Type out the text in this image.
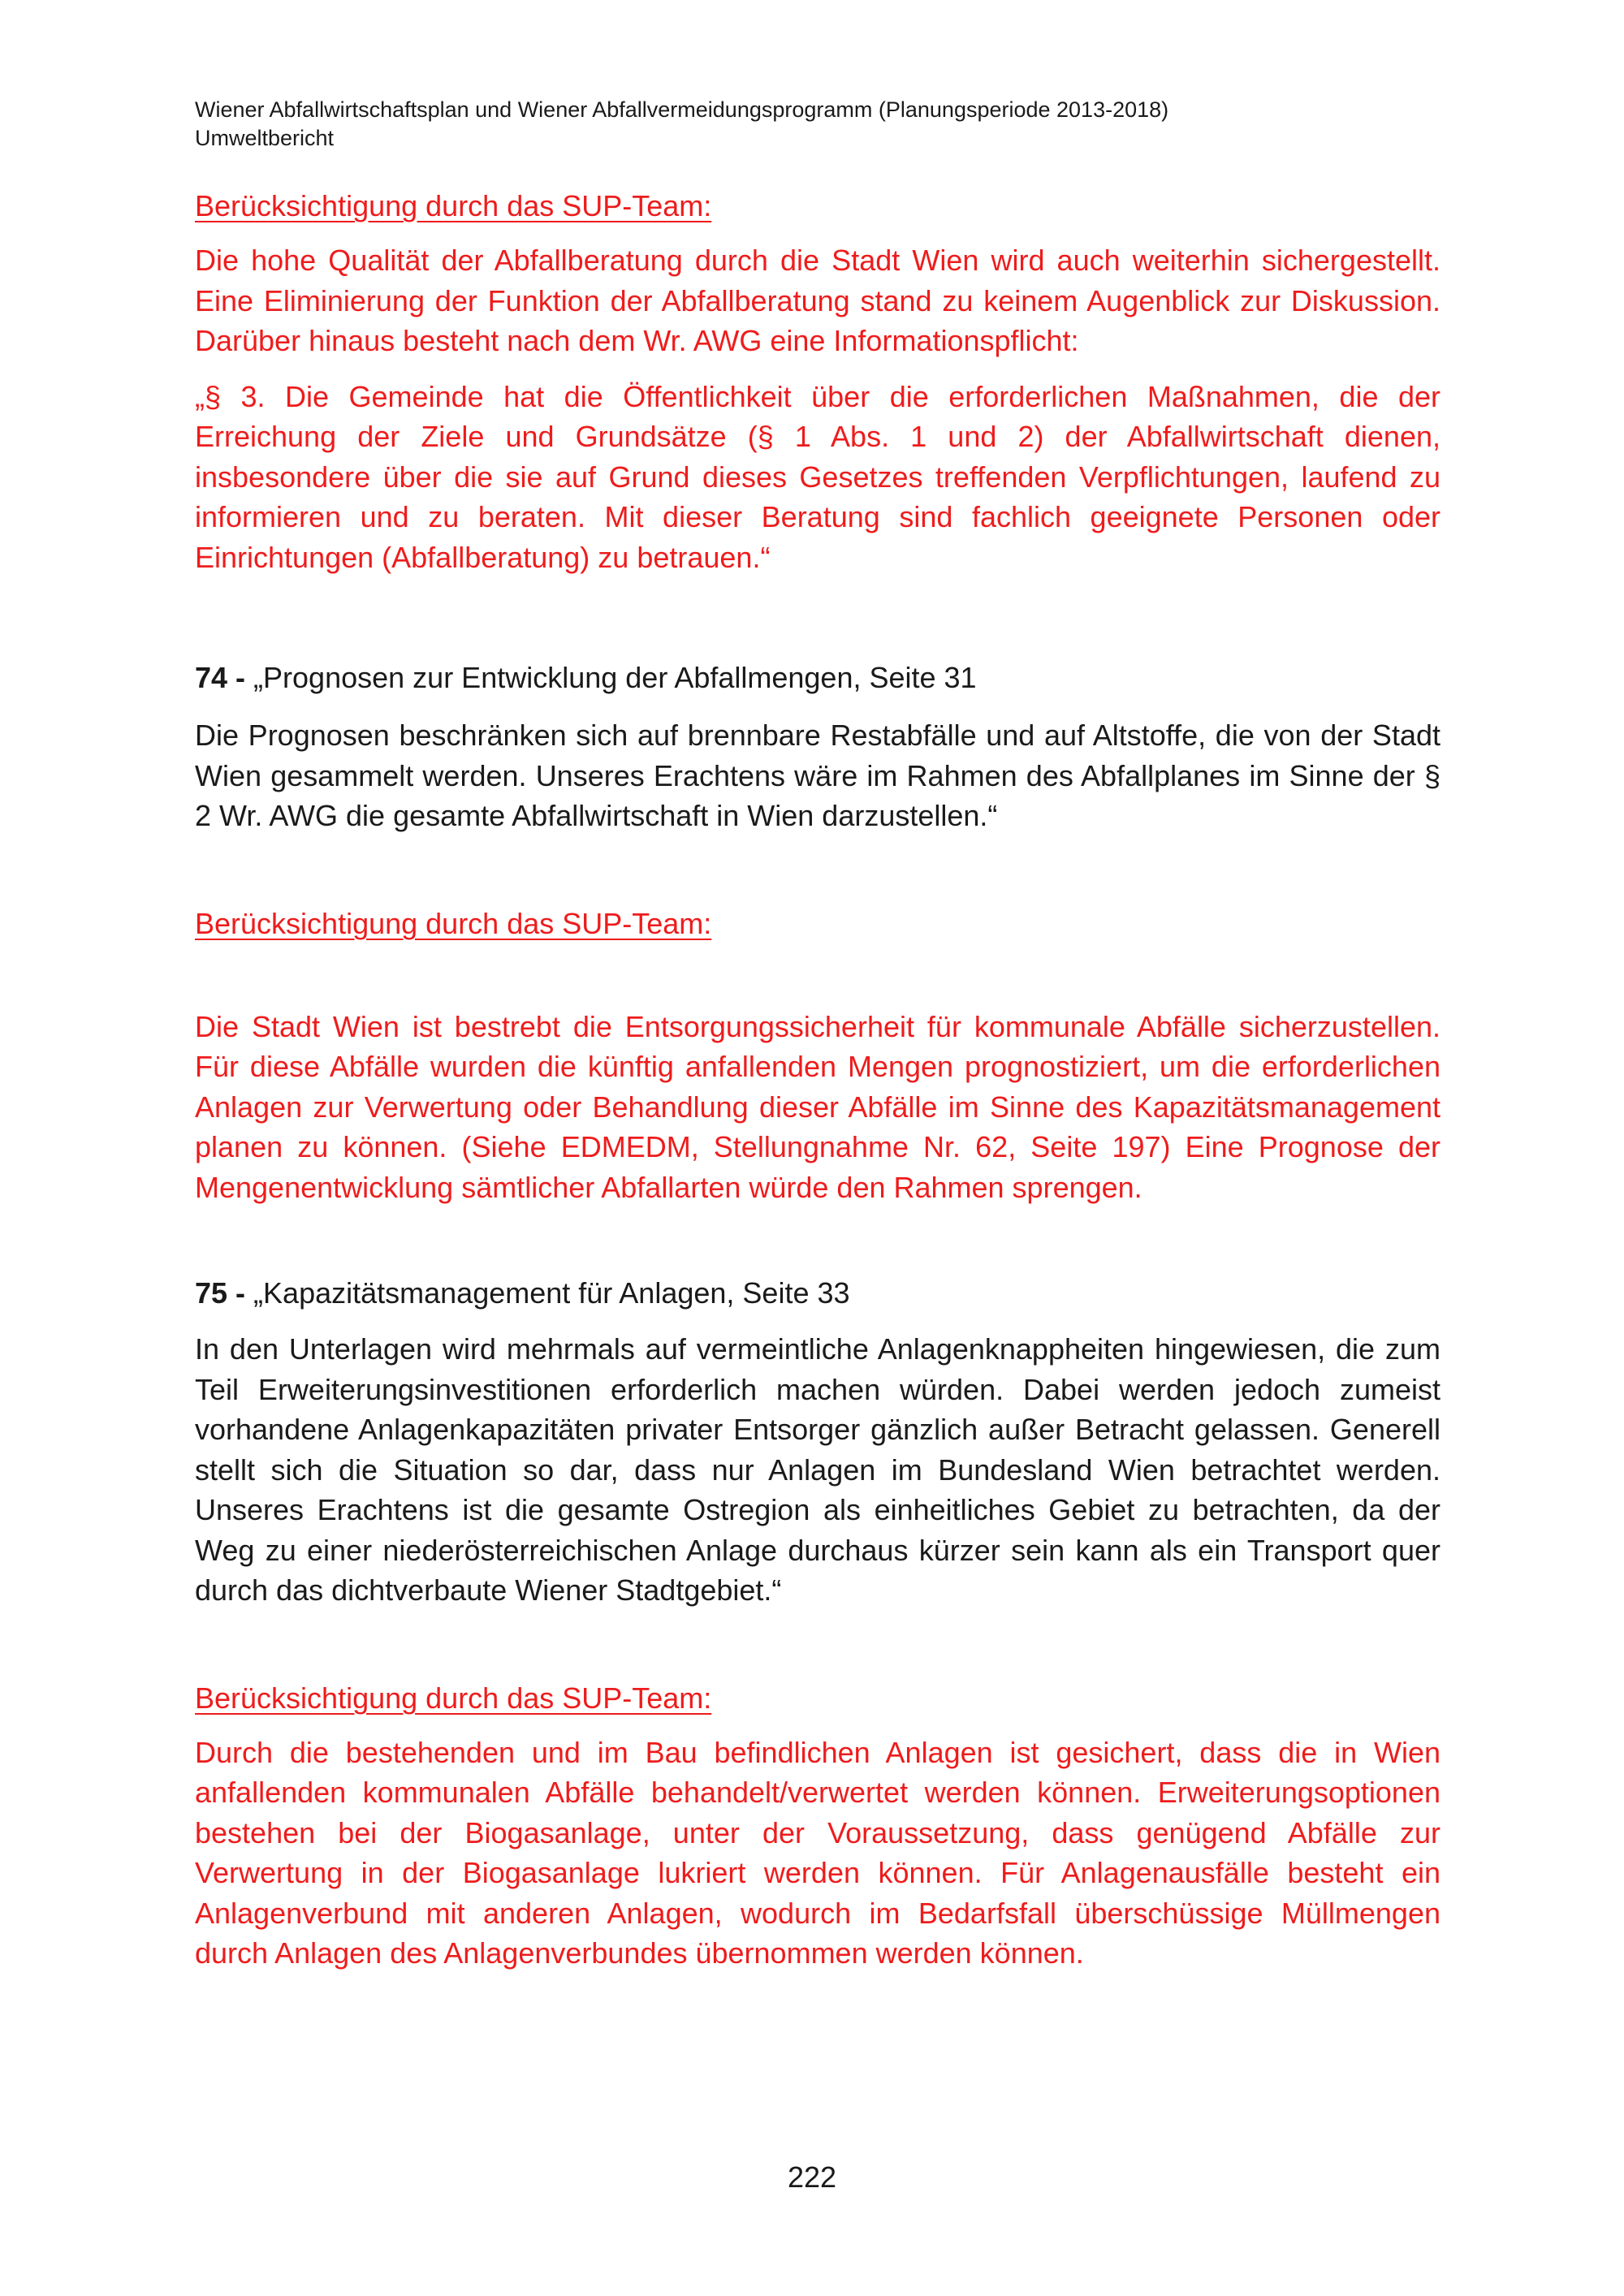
Wiener Abfallwirtschaftsplan und Wiener Abfallvermeidungsprogramm (Planungsperiode 2013-2018)

Umweltbericht

Berücksichtigung durch das SUP-Team:

Die hohe Qualität der Abfallberatung durch die Stadt Wien wird auch weiterhin sichergestellt. Eine Eliminierung der Funktion der Abfallberatung stand zu keinem Augenblick zur Diskussion. Darüber hinaus besteht nach dem Wr. AWG eine Informationspflicht:

„§ 3. Die Gemeinde hat die Öffentlichkeit über die erforderlichen Maßnahmen, die der Erreichung der Ziele und Grundsätze (§ 1 Abs. 1 und 2) der Abfallwirtschaft dienen, insbesondere über die sie auf Grund dieses Gesetzes treffenden Verpflichtungen, laufend zu informieren und zu beraten. Mit dieser Beratung sind fachlich geeignete Personen oder Einrichtungen (Abfallberatung) zu betrauen.“

74 - „Prognosen zur Entwicklung der Abfallmengen, Seite 31

Die Prognosen beschränken sich auf brennbare Restabfälle und auf Altstoffe, die von der Stadt Wien gesammelt werden. Unseres Erachtens wäre im Rahmen des Abfallplanes im Sinne der § 2 Wr. AWG die gesamte Abfallwirtschaft in Wien darzustellen.“

Berücksichtigung durch das SUP-Team:

Die Stadt Wien ist bestrebt die Entsorgungssicherheit für kommunale Abfälle sicherzustellen. Für diese Abfälle wurden die künftig anfallenden Mengen prognostiziert, um die erforderlichen Anlagen zur Verwertung oder Behandlung dieser Abfälle im Sinne des Kapazitätsmanagement planen zu können. (Siehe EDMEDM, Stellungnahme Nr. 62, Seite 197) Eine Prognose der Mengenentwicklung sämtlicher Abfallarten würde den Rahmen sprengen.

75 - „Kapazitätsmanagement für Anlagen, Seite 33

In den Unterlagen wird mehrmals auf vermeintliche Anlagenknappheiten hingewiesen, die zum Teil Erweiterungsinvestitionen erforderlich machen würden. Dabei werden jedoch zumeist vorhandene Anlagenkapazitäten privater Entsorger gänzlich außer Betracht gelassen. Generell stellt sich die Situation so dar, dass nur Anlagen im Bundesland Wien betrachtet werden. Unseres Erachtens ist die gesamte Ostregion als einheitliches Gebiet zu betrachten, da der Weg zu einer niederösterreichischen Anlage durchaus kürzer sein kann als ein Transport quer durch das dichtverbaute Wiener Stadtgebiet.“

Berücksichtigung durch das SUP-Team:

Durch die bestehenden und im Bau befindlichen Anlagen ist gesichert, dass die in Wien anfallenden kommunalen Abfälle behandelt/verwertet werden können. Erweiterungsoptionen bestehen bei der Biogasanlage, unter der Voraussetzung, dass genügend Abfälle zur Verwertung in der Biogasanlage lukriert werden können. Für Anlagenausfälle besteht ein Anlagenverbund mit anderen Anlagen, wodurch im Bedarfsfall überschüssige Müllmengen durch Anlagen des Anlagenverbundes übernommen werden können.

222
